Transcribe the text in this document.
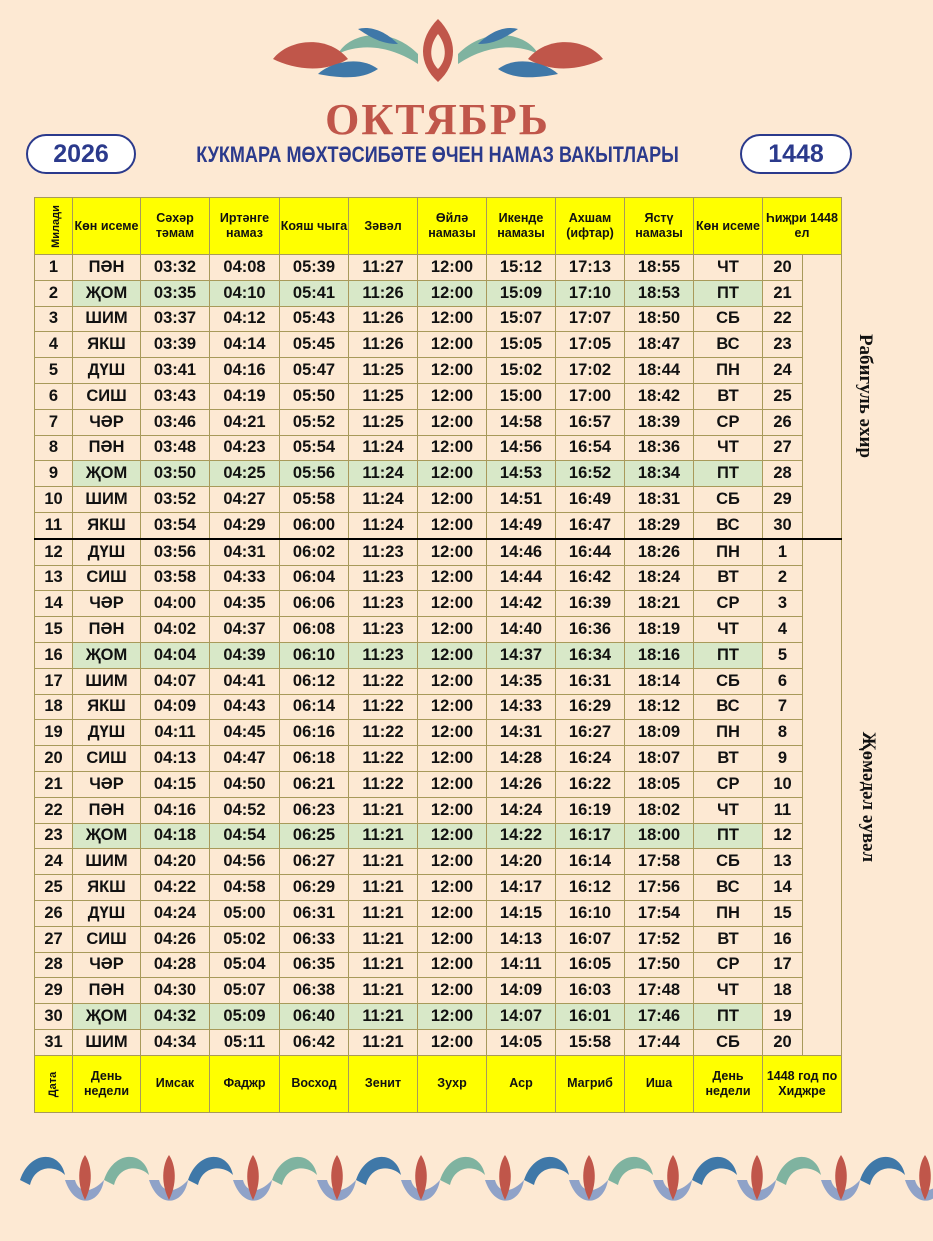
ОКТЯБРЬ
КУКМАРА МӨХТӘСИБӘТЕ ӨЧЕН НАМАЗ ВАКЫТЛАРЫ
2026	1448
Милади	Көн исеме	Сәхәр тәмам	Иртәнге намаз	Кояш чыга	Зәвәл	Өйлә намазы	Икенде намазы	Ахшам (ифтар)	Ястү намазы	Көн исеме	Һиҗри 1448 ел	
1	ПӘН	03:32	04:08	05:39	11:27	12:00	15:12	17:13	18:55	ЧТ	20	Рабигуль әхир
2	ҖОМ	03:35	04:10	05:41	11:26	12:00	15:09	17:10	18:53	ПТ	21	
3	ШИМ	03:37	04:12	05:43	11:26	12:00	15:07	17:07	18:50	СБ	22	
4	ЯКШ	03:39	04:14	05:45	11:26	12:00	15:05	17:05	18:47	ВС	23	
5	ДҮШ	03:41	04:16	05:47	11:25	12:00	15:02	17:02	18:44	ПН	24	
6	СИШ	03:43	04:19	05:50	11:25	12:00	15:00	17:00	18:42	ВТ	25	
7	ЧӘР	03:46	04:21	05:52	11:25	12:00	14:58	16:57	18:39	СР	26	
8	ПӘН	03:48	04:23	05:54	11:24	12:00	14:56	16:54	18:36	ЧТ	27	
9	ҖОМ	03:50	04:25	05:56	11:24	12:00	14:53	16:52	18:34	ПТ	28	
10	ШИМ	03:52	04:27	05:58	11:24	12:00	14:51	16:49	18:31	СБ	29	
11	ЯКШ	03:54	04:29	06:00	11:24	12:00	14:49	16:47	18:29	ВС	30	
12	ДҮШ	03:56	04:31	06:02	11:23	12:00	14:46	16:44	18:26	ПН	1	Җөмәдәл әувәл
13	СИШ	03:58	04:33	06:04	11:23	12:00	14:44	16:42	18:24	ВТ	2	
14	ЧӘР	04:00	04:35	06:06	11:23	12:00	14:42	16:39	18:21	СР	3	
15	ПӘН	04:02	04:37	06:08	11:23	12:00	14:40	16:36	18:19	ЧТ	4	
16	ҖОМ	04:04	04:39	06:10	11:23	12:00	14:37	16:34	18:16	ПТ	5	
17	ШИМ	04:07	04:41	06:12	11:22	12:00	14:35	16:31	18:14	СБ	6	
18	ЯКШ	04:09	04:43	06:14	11:22	12:00	14:33	16:29	18:12	ВС	7	
19	ДҮШ	04:11	04:45	06:16	11:22	12:00	14:31	16:27	18:09	ПН	8	
20	СИШ	04:13	04:47	06:18	11:22	12:00	14:28	16:24	18:07	ВТ	9	
21	ЧӘР	04:15	04:50	06:21	11:22	12:00	14:26	16:22	18:05	СР	10	
22	ПӘН	04:16	04:52	06:23	11:21	12:00	14:24	16:19	18:02	ЧТ	11	
23	ҖОМ	04:18	04:54	06:25	11:21	12:00	14:22	16:17	18:00	ПТ	12	
24	ШИМ	04:20	04:56	06:27	11:21	12:00	14:20	16:14	17:58	СБ	13	
25	ЯКШ	04:22	04:58	06:29	11:21	12:00	14:17	16:12	17:56	ВС	14	
26	ДҮШ	04:24	05:00	06:31	11:21	12:00	14:15	16:10	17:54	ПН	15	
27	СИШ	04:26	05:02	06:33	11:21	12:00	14:13	16:07	17:52	ВТ	16	
28	ЧӘР	04:28	05:04	06:35	11:21	12:00	14:11	16:05	17:50	СР	17	
29	ПӘН	04:30	05:07	06:38	11:21	12:00	14:09	16:03	17:48	ЧТ	18	
30	ҖОМ	04:32	05:09	06:40	11:21	12:00	14:07	16:01	17:46	ПТ	19	
31	ШИМ	04:34	05:11	06:42	11:21	12:00	14:05	15:58	17:44	СБ	20	
Дата	День недели	Имсак	Фаджр	Восход	Зенит	Зухр	Аср	Магриб	Иша	День недели	1448 год по Хиджре	
